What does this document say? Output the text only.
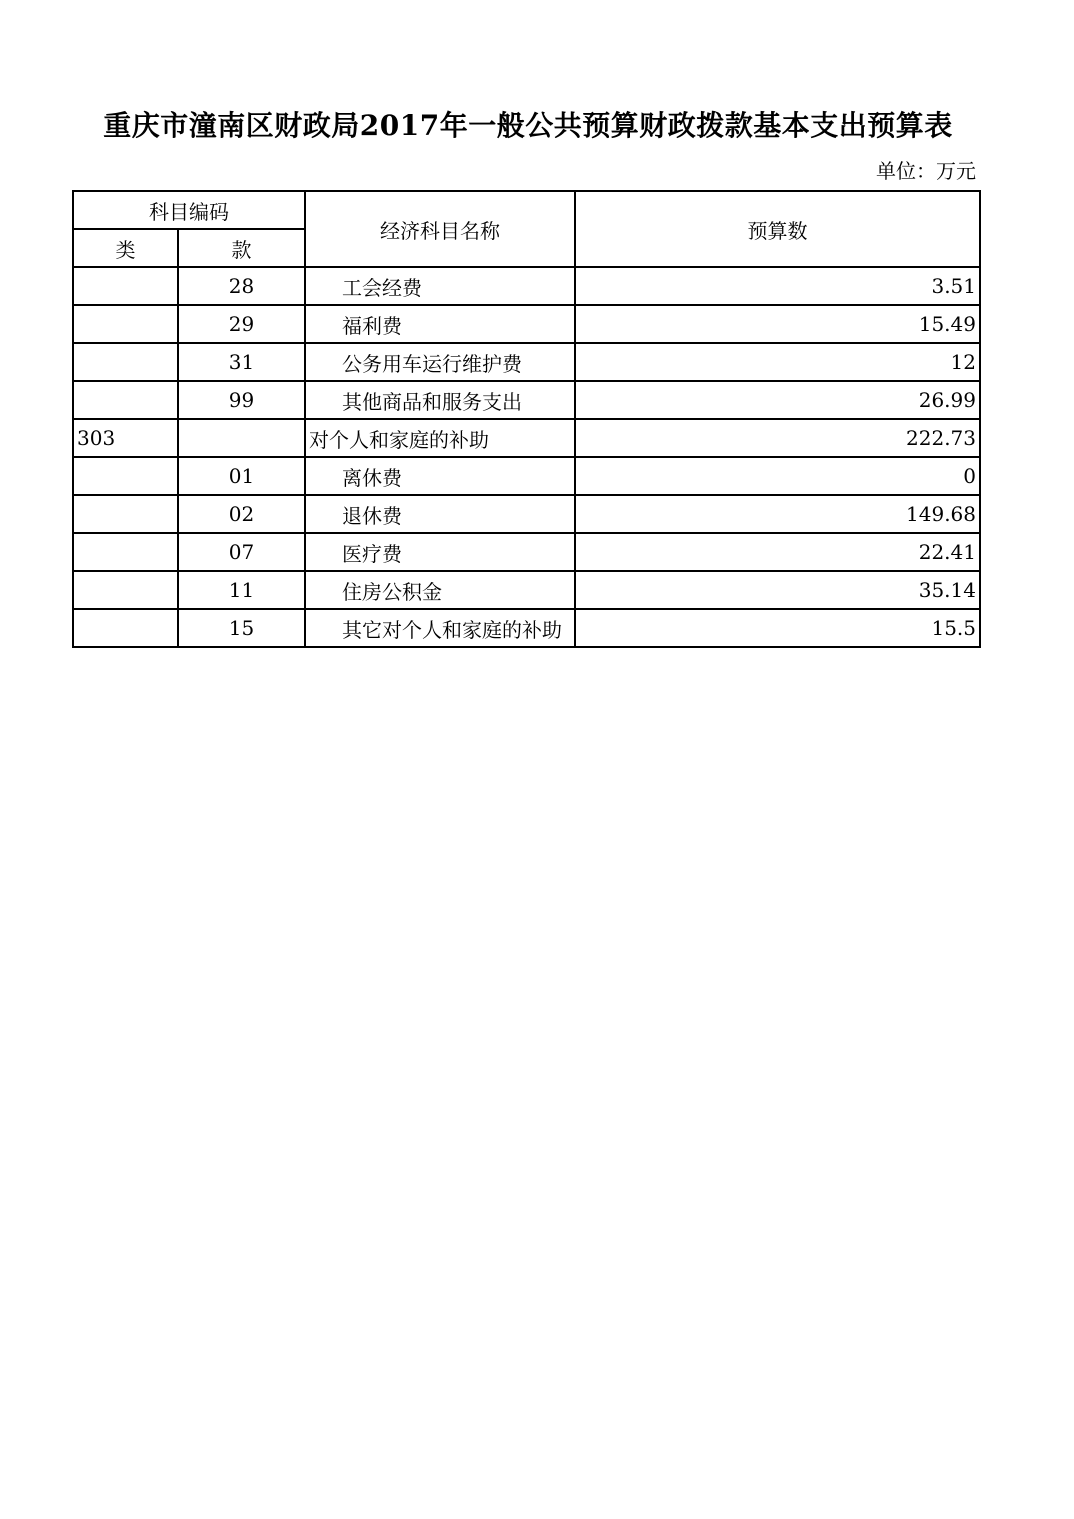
重庆市潼南区财政局2017年一般公共预算财政拨款基本支出预算表
单位：万元
科目编码		经济科目名称	预算数
类	款		
	28	工会经费	3.51
	29	福利费	15.49
	31	公务用车运行维护费	12
	99	其他商品和服务支出	26.99
303		对个人和家庭的补助	222.73
	01	离休费	0
	02	退休费	149.68
	07	医疗费	22.41
	11	住房公积金	35.14
	15	其它对个人和家庭的补助	15.5
